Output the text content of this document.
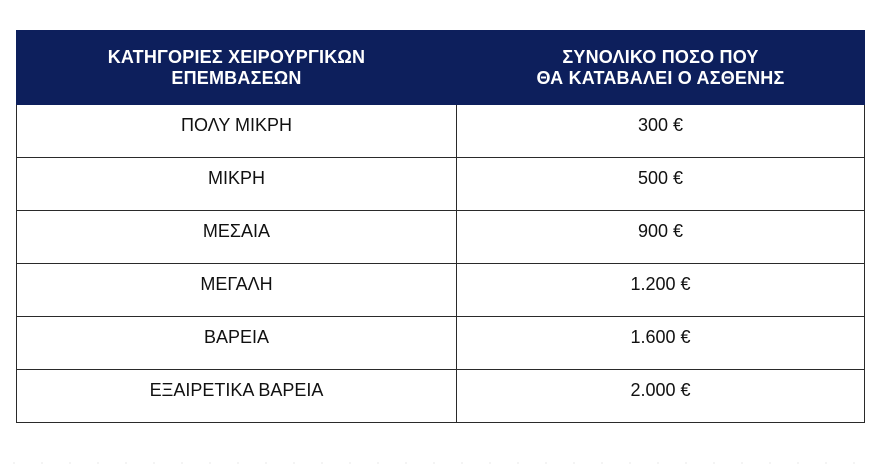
ΚΑΤΗΓΟΡΙΕΣ ΧΕΙΡΟΥΡΓΙΚΩΝ
ΕΠΕΜΒΑΣΕΩΝ	ΣΥΝΟΛΙΚΟ ΠΟΣΟ ΠΟΥ
ΘΑ ΚΑΤΑΒΑΛΕΙ Ο ΑΣΘΕΝΗΣ

ΠΟΛΥ ΜΙΚΡΗ	300 €
ΜΙΚΡΗ	500 €
ΜΕΣΑΙΑ	900 €
ΜΕΓΑΛΗ	1.200 €
ΒΑΡΕΙΑ	1.600 €
ΕΞΑΙΡΕΤΙΚΑ ΒΑΡΕΙΑ	2.000 €
